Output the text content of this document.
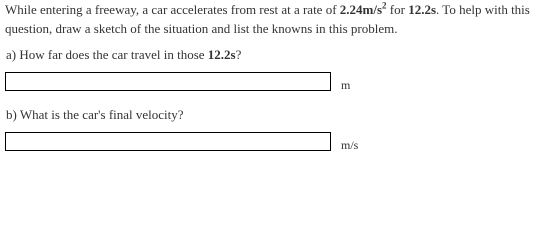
While entering a freeway, a car accelerates from rest at a rate of $2.24m/s^2$ for 12.2s. To help with this question, draw a sketch of the situation and list the knowns in this problem.
a) How far does the car travel in those 12.2s?
m
b) What is the car's final velocity?
m/s
